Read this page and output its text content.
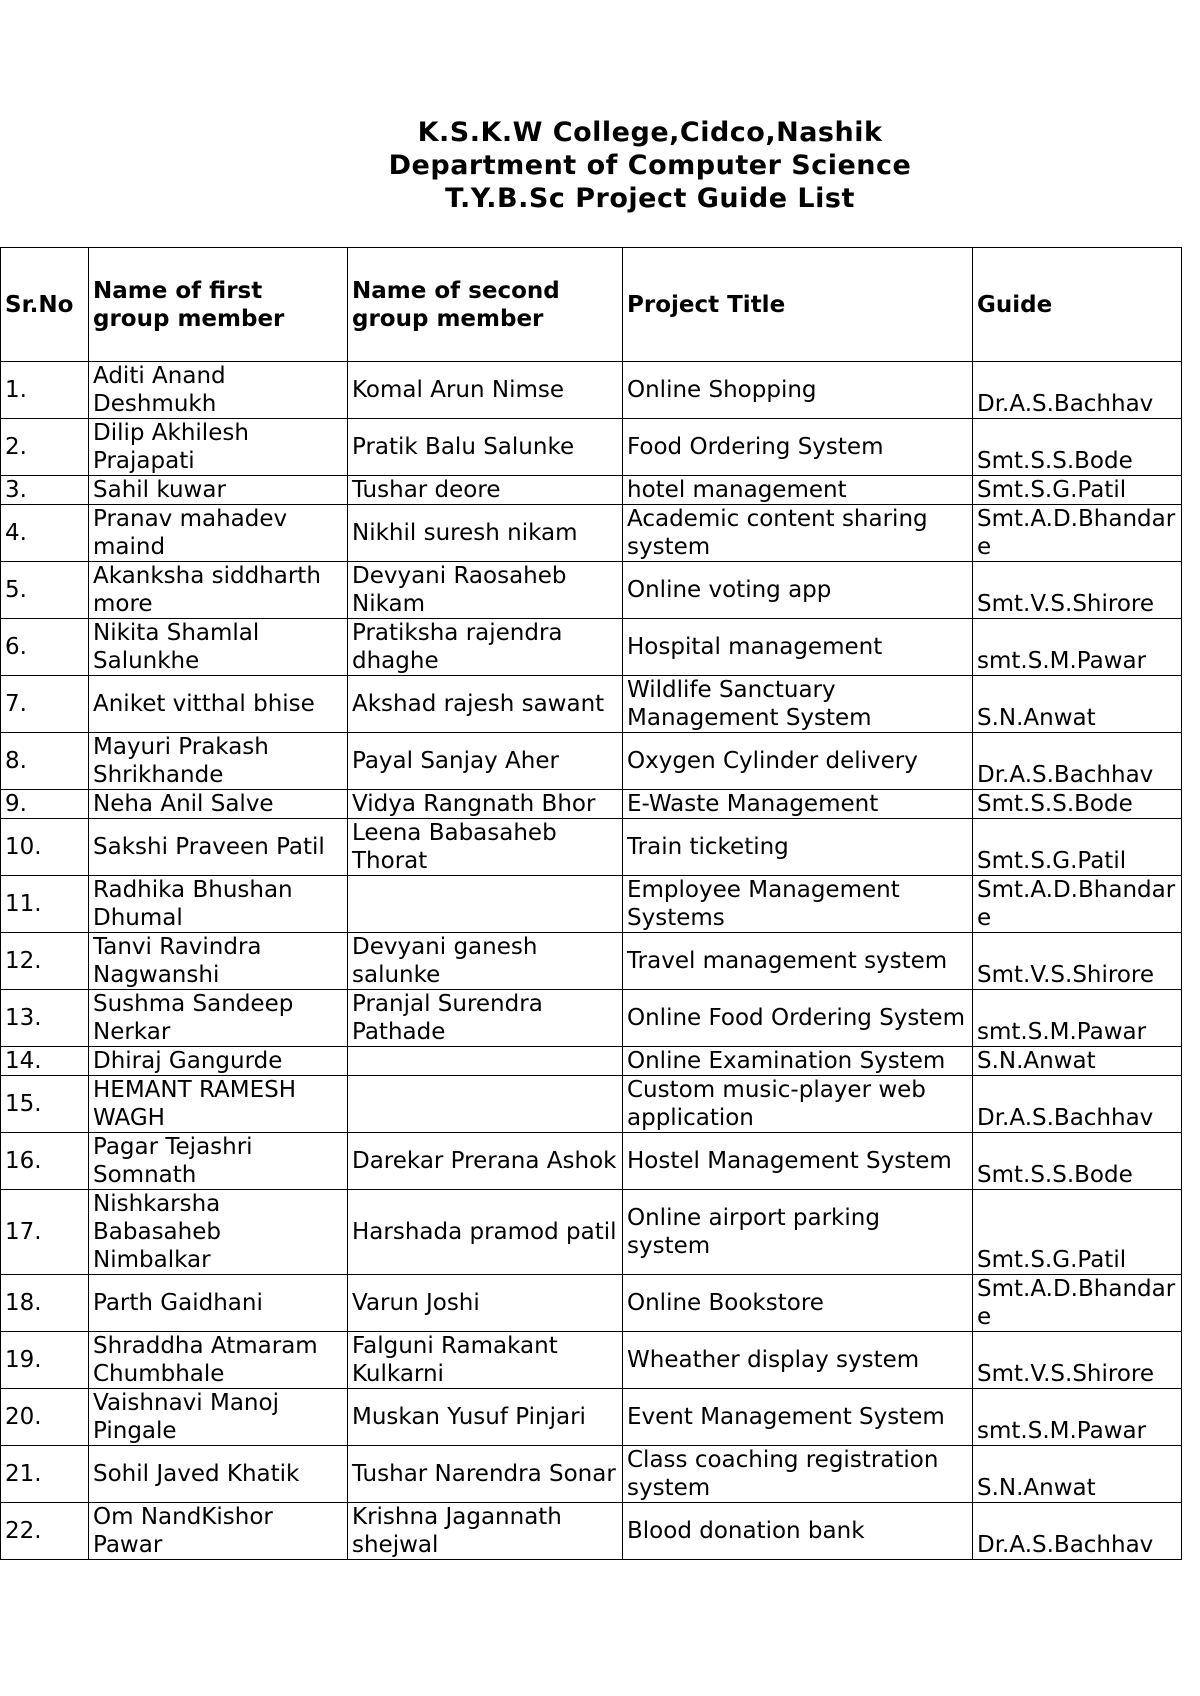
K.S.K.W College,Cidco,Nashik
Department of Computer Science
T.Y.B.Sc Project Guide List
Sr.No	Name of first group member	Name of second group member	Project Title	Guide
1.	Aditi Anand Deshmukh	Komal Arun Nimse	Online Shopping	Dr.A.S.Bachhav
2.	Dilip Akhilesh Prajapati	Pratik Balu Salunke	Food Ordering System	Smt.S.S.Bode
3.	Sahil kuwar	Tushar deore	hotel management	Smt.S.G.Patil
4.	Pranav mahadev maind	Nikhil suresh nikam	Academic content sharing system	Smt.A.D.Bhandare
5.	Akanksha siddharth more	Devyani Raosaheb Nikam	Online voting app	Smt.V.S.Shirore
6.	Nikita Shamlal Salunkhe	Pratiksha rajendra dhaghe	Hospital management	smt.S.M.Pawar
7.	Aniket vitthal bhise	Akshad rajesh sawant	Wildlife Sanctuary Management System	S.N.Anwat
8.	Mayuri Prakash Shrikhande	Payal Sanjay Aher	Oxygen Cylinder delivery	Dr.A.S.Bachhav
9.	Neha Anil Salve	Vidya Rangnath Bhor	E-Waste Management	Smt.S.S.Bode
10.	Sakshi Praveen Patil	Leena Babasaheb Thorat	Train ticketing	Smt.S.G.Patil
11.	Radhika Bhushan Dhumal		Employee Management Systems	Smt.A.D.Bhandare
12.	Tanvi Ravindra Nagwanshi	Devyani ganesh salunke	Travel management system	Smt.V.S.Shirore
13.	Sushma Sandeep Nerkar	Pranjal Surendra Pathade	Online Food Ordering System	smt.S.M.Pawar
14.	Dhiraj Gangurde		Online Examination System	S.N.Anwat
15.	HEMANT RAMESH WAGH		Custom music-player web application	Dr.A.S.Bachhav
16.	Pagar Tejashri Somnath	Darekar Prerana Ashok	Hostel Management System	Smt.S.S.Bode
17.	Nishkarsha Babasaheb Nimbalkar	Harshada pramod patil	Online airport parking system	Smt.S.G.Patil
18.	Parth Gaidhani	Varun Joshi	Online Bookstore	Smt.A.D.Bhandare
19.	Shraddha Atmaram Chumbhale	Falguni Ramakant Kulkarni	Wheather display system	Smt.V.S.Shirore
20.	Vaishnavi Manoj Pingale	Muskan Yusuf Pinjari	Event Management System	smt.S.M.Pawar
21.	Sohil Javed Khatik	Tushar Narendra Sonar	Class coaching registration system	S.N.Anwat
22.	Om NandKishor Pawar	Krishna Jagannath shejwal	Blood donation bank	Dr.A.S.Bachhav
